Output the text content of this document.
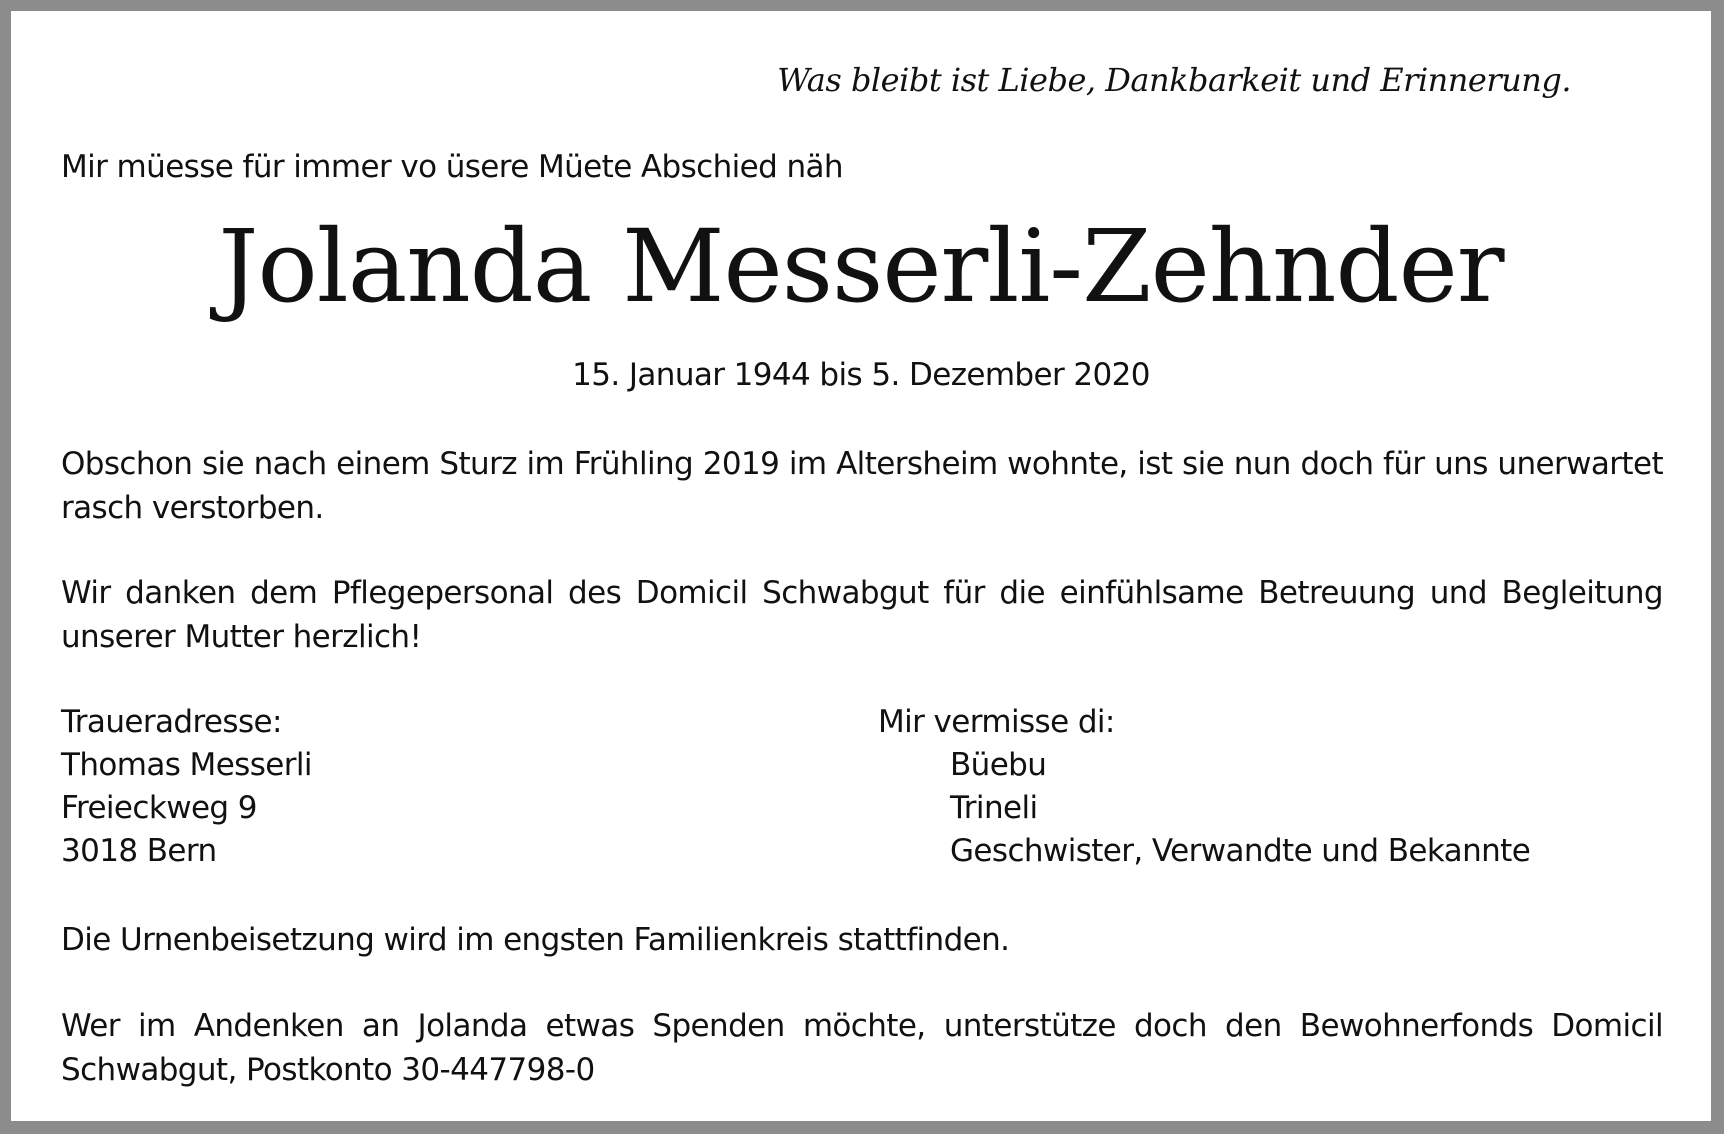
Was bleibt ist Liebe, Dankbarkeit und Erinnerung.
Mir müesse für immer vo üsere Müete Abschied näh
Jolanda Messerli-Zehnder
15. Januar 1944 bis 5. Dezember 2020

Obschon sie nach einem Sturz im Frühling 2019 im Altersheim wohnte, ist sie nun doch für uns unerwartet rasch verstorben.

Wir danken dem Pflegepersonal des Domicil Schwabgut für die einfühlsame Betreuung und Begleitung unserer Mutter herzlich!

Traueradresse:
Thomas Messerli
Freieckweg 9
3018 Bern
Mir vermisse di:
Büebu
Trineli
Geschwister, Verwandte und Bekannte

Die Urnenbeisetzung wird im engsten Familienkreis stattfinden.

Wer im Andenken an Jolanda etwas Spenden möchte, unterstütze doch den Bewohnerfonds Domicil Schwabgut, Postkonto 30-447798-0
